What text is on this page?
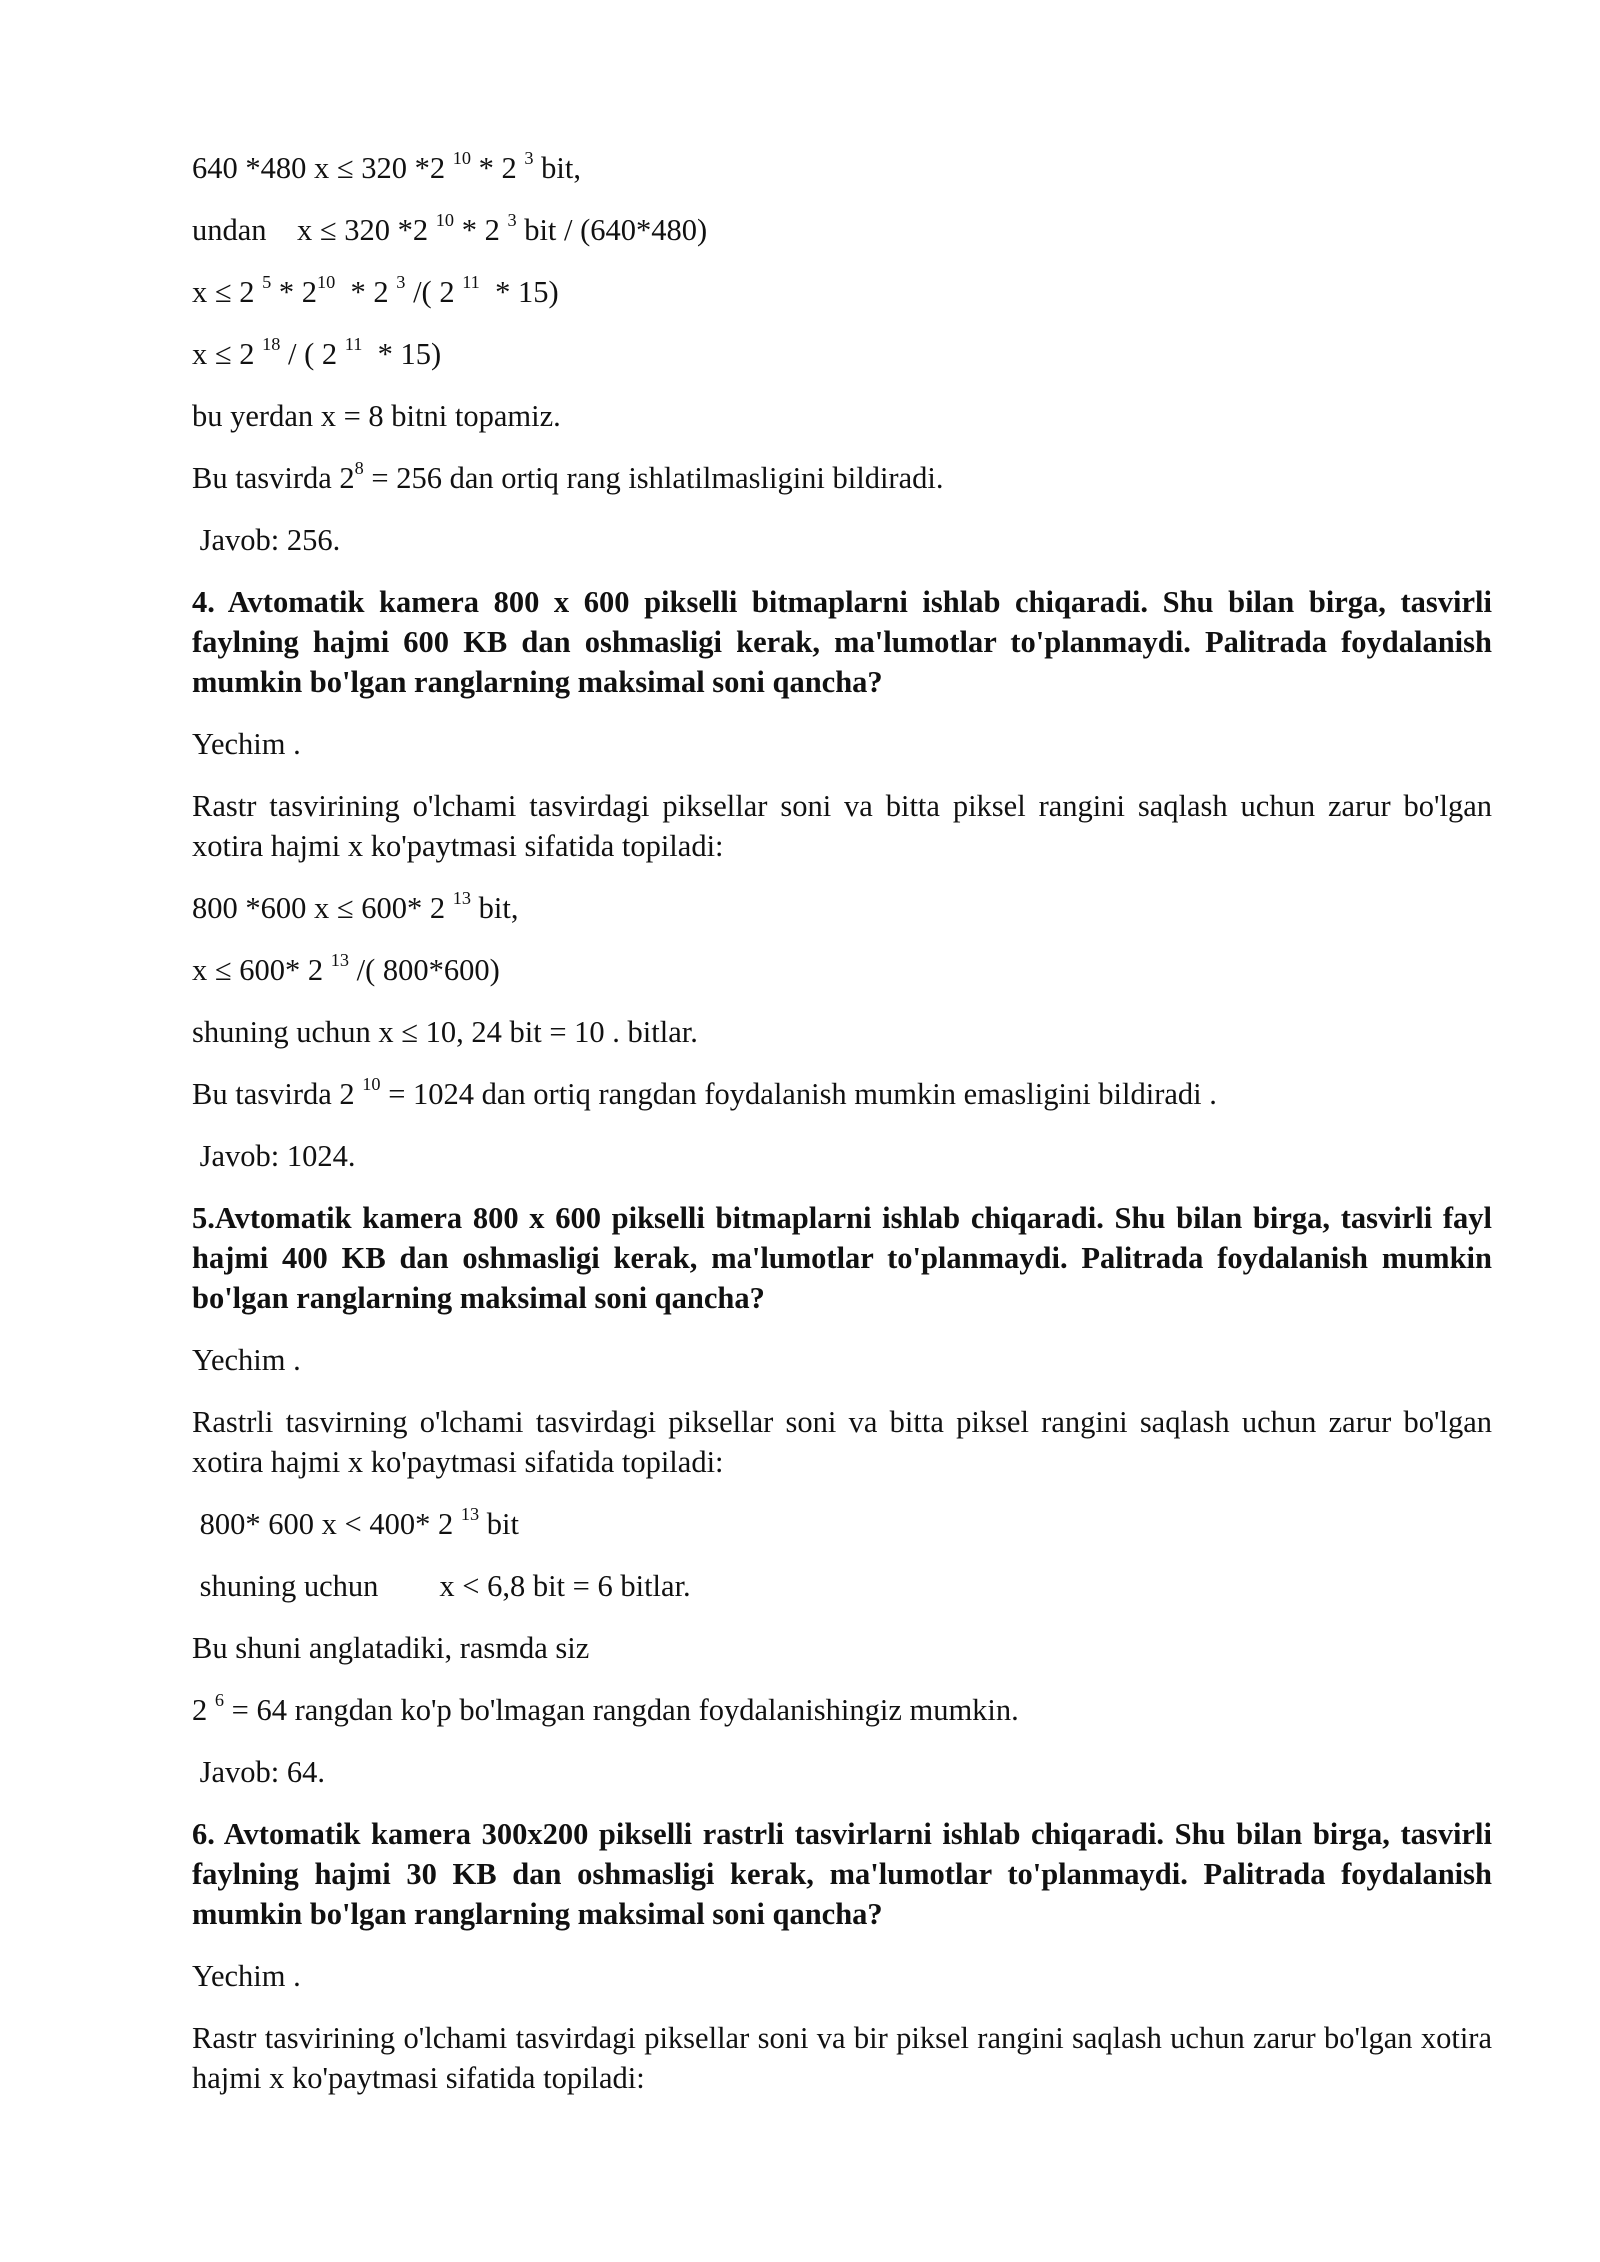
640 *480 x ≤ 320 *2 $^{10}$ * 2 $^3$ bit,
undan    x ≤ 320 *2 $^{10}$ * 2 $^3$ bit / (640*480)
x ≤ 2 $^5 * 2^{10} * 2$ $^3$ /( 2 $^{11}$  * 15)
x ≤ 2 $^{18}$ / ( 2 $^{11}$  * 15)
bu yerdan x = 8 bitni topamiz.
Bu tasvirda $2^8 = 256$ dan ortiq rang ishlatilmasligini bildiradi.
Javob: 256.
4. Avtomatik kamera 800 x 600 pikselli bitmaplarni ishlab chiqaradi. Shu bilan birga, tasvirli faylning hajmi 600 KB dan oshmasligi kerak, ma'lumotlar to'planmaydi. Palitrada foydalanish mumkin bo'lgan ranglarning maksimal soni qancha?
Yechim .
Rastr tasvirining o'lchami tasvirdagi piksellar soni va bitta piksel rangini saqlash uchun zarur bo'lgan xotira hajmi x ko'paytmasi sifatida topiladi:
800 *600 x ≤ 600* 2 $^{13}$ bit,
x ≤ 600* 2 $^{13}$ /( 800*600)
shuning uchun x ≤ 10, 24 bit = 10 . bitlar.
Bu tasvirda 2 $^{10}$ = 1024 dan ortiq rangdan foydalanish mumkin emasligini bildiradi .
Javob: 1024.
5.Avtomatik kamera 800 x 600 pikselli bitmaplarni ishlab chiqaradi. Shu bilan birga, tasvirli fayl hajmi 400 KB dan oshmasligi kerak, ma'lumotlar to'planmaydi. Palitrada foydalanish mumkin bo'lgan ranglarning maksimal soni qancha?
Yechim .
Rastrli tasvirning o'lchami tasvirdagi piksellar soni va bitta piksel rangini saqlash uchun zarur bo'lgan xotira hajmi x ko'paytmasi sifatida topiladi:
800* 600 x < 400* 2 $^{13}$ bit
shuning uchun        x < 6,8 bit = 6 bitlar.
Bu shuni anglatadiki, rasmda siz
2 $^6$ = 64 rangdan ko'p bo'lmagan rangdan foydalanishingiz mumkin.
Javob: 64.
6. Avtomatik kamera 300x200 pikselli rastrli tasvirlarni ishlab chiqaradi. Shu bilan birga, tasvirli faylning hajmi 30 KB dan oshmasligi kerak, ma'lumotlar to'planmaydi. Palitrada foydalanish mumkin bo'lgan ranglarning maksimal soni qancha?
Yechim .
Rastr tasvirining o'lchami tasvirdagi piksellar soni va bir piksel rangini saqlash uchun zarur bo'lgan xotira hajmi x ko'paytmasi sifatida topiladi:
